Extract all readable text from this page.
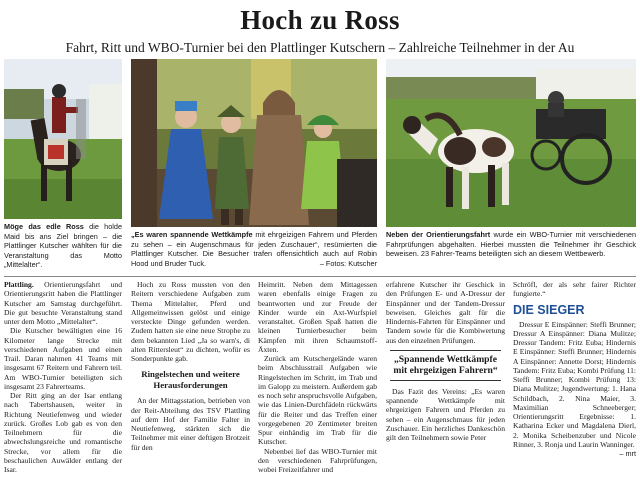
Hoch zu Ross
Fahrt, Ritt und WBO-Turnier bei den Plattlinger Kutschern – Zahlreiche Teilnehmer in der Au
Möge das edle Ross die holde Maid bis ans Ziel bringen – die Plattlinger Kutscher wählten für die Veranstaltung das Motto „Mittelalter“.
„Es waren spannende Wettkämpfe mit ehrgeizigen Fahrern und Pferden zu sehen – ein Augenschmaus für jeden Zuschauer“, resümierten die Plattlinger Kutscher. Die Besucher trafen offensichtlich auch auf Robin Hood und Bruder Tuck.	– Fotos: Kutscher
Neben der Orientierungsfahrt wurde ein WBO-Turnier mit verschiedenen Fahrprüfungen abgehalten. Hierbei mussten die Teilnehmer ihr Geschick beweisen. 23 Fahrer-Teams beteiligten sich an diesem Wettbewerb.

Plattling. Orientierungsfahrt und Orientierungsritt haben die Plattlinger Kutscher am Samstag durchgeführt. Die gut besuchte Veranstaltung stand unter dem Motto „Mittelalter“.

Die Kutscher bewältigten eine 16 Kilometer lange Strecke mit verschiedenen Aufgaben und einen Trail. Daran nahmen 41 Teams mit insgesamt 67 Reitern und Fahrern teil. Am WBO-Turnier beteiligten sich insgesamt 23 Fahrerteams.

Der Ritt ging an der Isar entlang nach Tabertshausen, weiter in Richtung Neutiefenweg und wieder zurück. Großes Lob gab es von den Teilnehmern für die abwechslungsreiche und romantische Strecke, vor allem für die beschaulichen Auwälder entlang der Isar.

Hoch zu Ross mussten von den Reitern verschiedene Aufgaben zum Thema Mittelalter, Pferd und Allgemeinwissen gelöst und einige versteckte Dinge gefunden werden. Zudem hatten sie eine neue Strophe zu dem bekannten Lied „Ja so warn's, di alten Rittersleut“ zu dichten, wofür es Sonderpunkte gab.

Ringelstechen und weitere Herausforderungen

An der Mittagsstation, betrieben von der Reit-Abteilung des TSV Plattling auf dem Hof der Familie Falter in Neutiefenweg, stärkten sich die Teilnehmer mit einer deftigen Brotzeit für den

Heimritt. Neben dem Mittagessen waren ebenfalls einige Fragen zu beantworten und zur Freude der Kinder wurde ein Axt-Wurfspiel veranstaltet. Großen Spaß hatten die kleinen Turnierbesucher beim Kämpfen mit ihren Schaumstoff-Äxten.

Zurück am Kutschergelände waren beim Abschlusstrail Aufgaben wie Ringelstechen im Schritt, im Trab und im Galopp zu meistern. Außerdem gab es noch sehr anspruchsvolle Aufgaben, wie das Linien-Durchfädeln rückwärts für die Reiter und das Treffen einer vorgegebenen 20 Zentimeter breiten Spur einhändig im Trab für die Kutscher.

Nebenbei lief das WBO-Turnier mit den verschiedenen Fahrprüfungen, wobei Freizeitfahrer und

erfahrene Kutscher ihr Geschick in den Prüfungen E- und A-Dressur der Einspänner und der Tandem-Dressur beweisen. Gleiches galt für die Hindernis-Fahrten für Einspänner und Tandem sowie für die Kombiwertung aus den einzelnen Prüfungen.

„Spannende Wettkämpfe mit ehrgeizigen Fahrern“

Das Fazit des Vereins: „Es waren spannende Wettkämpfe mit ehrgeizigen Fahrern und Pferden zu sehen – ein Augenschmaus für jeden Zuschauer. Ein herzliches Dankeschön gilt den Teilnehmern sowie Peter

Schröfl, der als sehr fairer Richter fungierte.“

DIE SIEGER

Dressur E Einspänner: Steffi Brunner; Dressur A Einspänner: Diana Mulitze; Dressur Tandem: Fritz Euba; Hindernis E Einspänner: Steffi Brunner; Hindernis A Einspänner: Annette Dorst; Hindernis Tandem: Fritz Euba; Kombi Prüfung 11: Steffi Brunner; Kombi Prüfung 13: Diana Mulitze; Jugendwertung: 1. Hana Schildbach, 2. Nina Maier, 3. Maximilian Schneeberger; Orientierungsritt Ergebnisse: 1. Katharina Ecker und Magdalena Dierl, 2. Monika Scheibenzuber und Nicole Rinner, 3. Ronja und Laurin Wanninger.

– mrt
